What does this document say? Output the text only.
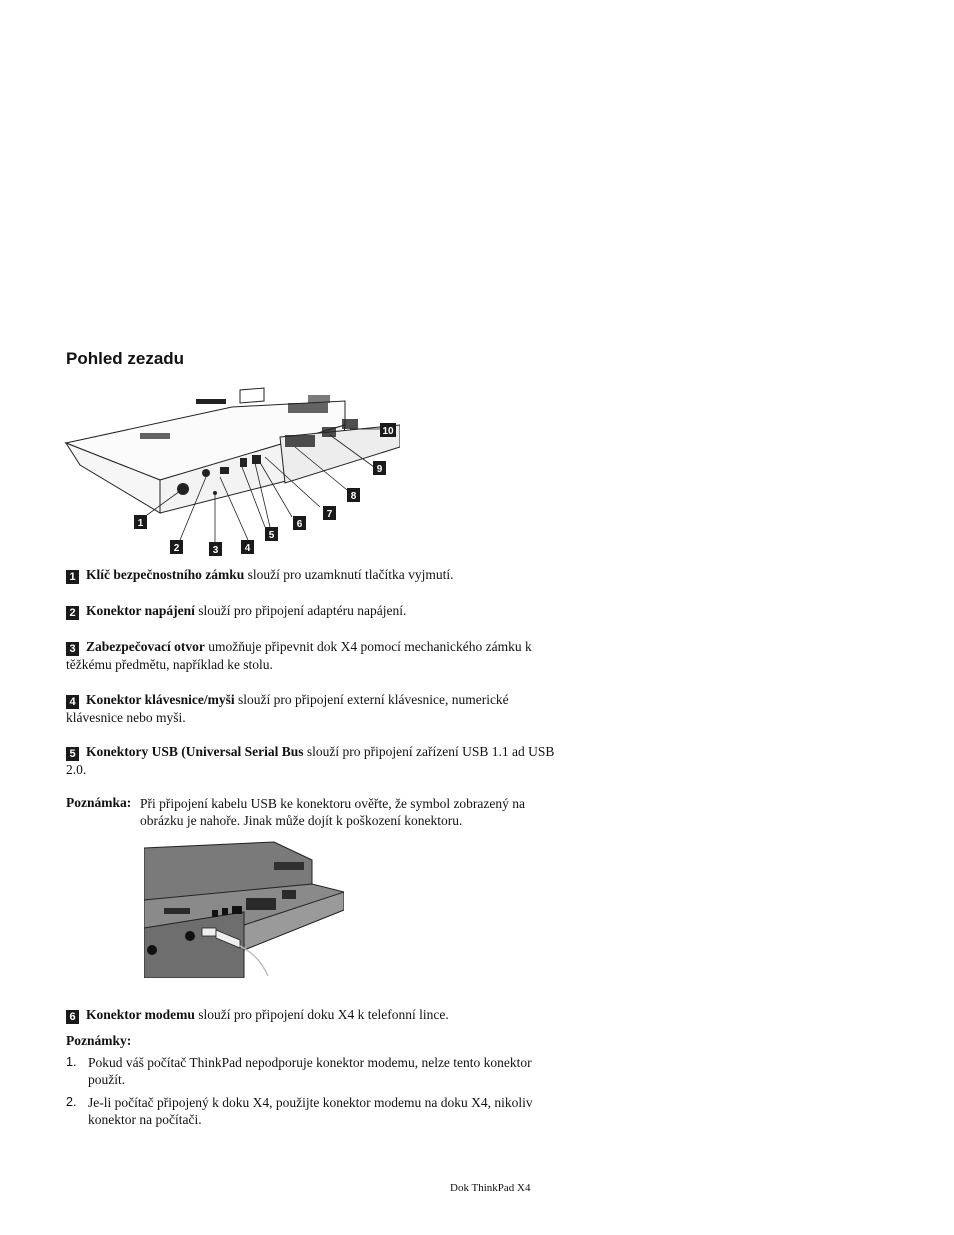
Pohled zezadu
1
2	3	4
5
6
7
8
9
10

1 Klíč bezpečnostního zámku slouží pro uzamknutí tlačítka vyjmutí.

2 Konektor napájení slouží pro připojení adaptéru napájení.

3 Zabezpečovací otvor umožňuje připevnit dok X4 pomocí mechanického zámku k těžkému předmětu, například ke stolu.

4 Konektor klávesnice/myši slouží pro připojení externí klávesnice, numerické klávesnice nebo myši.

5 Konektory USB (Universal Serial Bus slouží pro připojení zařízení USB 1.1 ad USB 2.0.

Poznámka: Při připojení kabelu USB ke konektoru ověřte, že symbol zobrazený na obrázku je nahoře. Jinak může dojít k poškození konektoru.

6 Konektor modemu slouží pro připojení doku X4 k telefonní lince.

Poznámky:
1. Pokud váš počítač ThinkPad nepodporuje konektor modemu, nelze tento konektor použít.
2. Je-li počítač připojený k doku X4, použijte konektor modemu na doku X4, nikoliv konektor na počítači.
Dok ThinkPad X4
